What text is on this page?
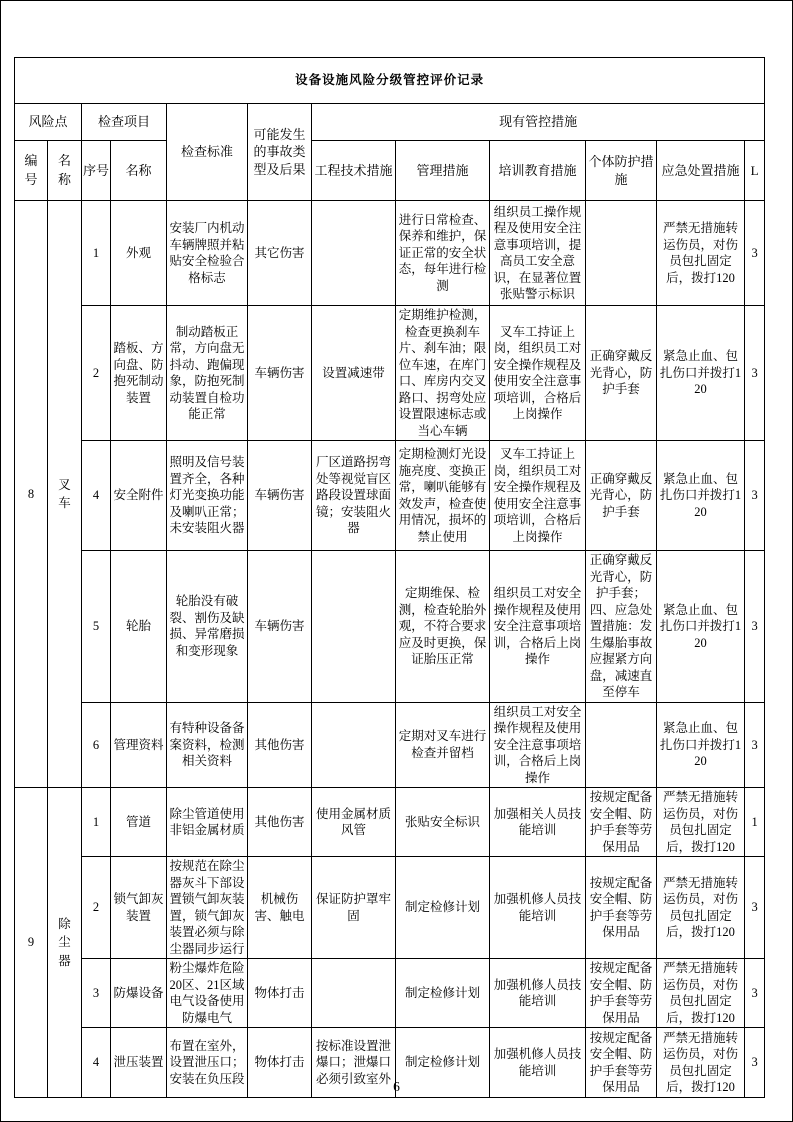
设备设施风险分级管控评价记录											
风险点		检查项目		检查标准	可能发生的事故类型及后果	现有管控措施					
编号	名称	序号	名称			工程技术措施	管理措施	培训教育措施	个体防护措施	应急处置措施	L
8	叉车	1	外观	安装厂内机动车辆牌照并粘贴安全检验合格标志	其它伤害		进行日常检查、保养和维护，保证正常的安全状态，每年进行检测	组织员工操作规程及使用安全注意事项培训，提高员工安全意识，在显著位置张贴警示标识		严禁无措施转运伤员，对伤员包扎固定后，拨打120	3
		2	踏板、方向盘、防抱死制动装置	制动踏板正常，方向盘无抖动、跑偏现象，防抱死制动装置自检功能正常	车辆伤害	设置减速带	定期维护检测，检查更换刹车片、刹车油；限位车速，在库门口、库房内交叉路口、拐弯处应设置限速标志或当心车辆	叉车工持证上岗，组织员工对安全操作规程及使用安全注意事项培训，合格后上岗操作	正确穿戴反光背心，防护手套	紧急止血、包扎伤口并拨打120	3
		4	安全附件	照明及信号装置齐全，各种灯光变换功能及喇叭正常；未安装阻火器	车辆伤害	厂区道路拐弯处等视觉盲区路段设置球面镜；安装阻火器	定期检测灯光设施亮度、变换正常，喇叭能够有效发声，检查使用情况，损坏的禁止使用	叉车工持证上岗，组织员工对安全操作规程及使用安全注意事项培训，合格后上岗操作	正确穿戴反光背心，防护手套	紧急止血、包扎伤口并拨打120	3
		5	轮胎	轮胎没有破裂、割伤及缺损、异常磨损和变形现象	车辆伤害		定期维保、检测，检查轮胎外观，不符合要求应及时更换，保证胎压正常	组织员工对安全操作规程及使用安全注意事项培训，合格后上岗操作	正确穿戴反光背心，防护手套；四、应急处置措施：发生爆胎事故应握紧方向盘，减速直至停车	紧急止血、包扎伤口并拨打120	3
		6	管理资料	有特种设备备案资料，检测相关资料	其他伤害		定期对叉车进行检查并留档	组织员工对安全操作规程及使用安全注意事项培训，合格后上岗操作		紧急止血、包扎伤口并拨打120	3
9	除尘器	1	管道	除尘管道使用非铝金属材质	其他伤害	使用金属材质风管	张贴安全标识	加强相关人员技能培训	按规定配备安全帽、防护手套等劳保用品	严禁无措施转运伤员，对伤员包扎固定后，拨打120	1
		2	锁气卸灰装置	按规范在除尘器灰斗下部设置锁气卸灰装置，锁气卸灰装置必须与除尘器同步运行	机械伤害、触电	保证防护罩牢固	制定检修计划	加强机修人员技能培训	按规定配备安全帽、防护手套等劳保用品	严禁无措施转运伤员，对伤员包扎固定后，拨打120	3
		3	防爆设备	粉尘爆炸危险20区、21区域电气设备使用防爆电气	物体打击		制定检修计划	加强机修人员技能培训	按规定配备安全帽、防护手套等劳保用品	严禁无措施转运伤员，对伤员包扎固定后，拨打120	3
		4	泄压装置	布置在室外，设置泄压口；安装在负压段	物体打击	按标准设置泄爆口；泄爆口必须引致室外	制定检修计划	加强机修人员技能培训	按规定配备安全帽、防护手套等劳保用品	严禁无措施转运伤员，对伤员包扎固定后，拨打120	3
6
